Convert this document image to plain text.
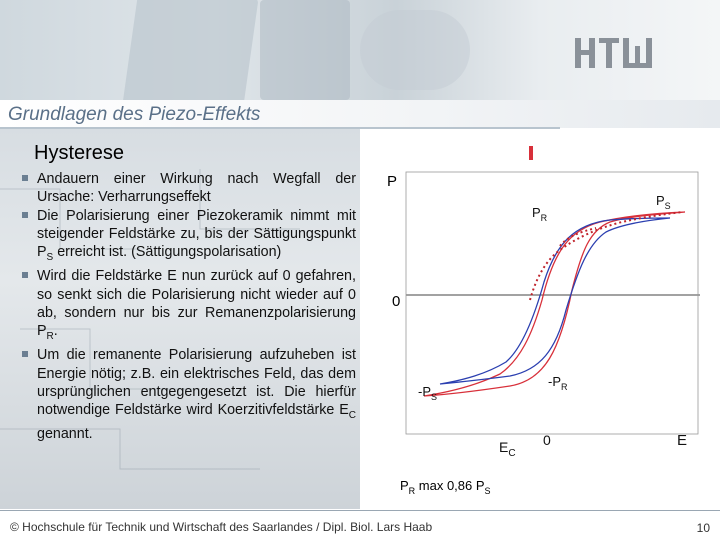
Grundlagen des Piezo-Effekts
Hysterese
Andauern einer Wirkung nach Wegfall der Ursache: Verharrungseffekt
Die Polarisierung einer Piezokeramik nimmt mit steigender Feldstärke zu, bis der Sättigungspunkt $P_S$ erreicht ist. (Sättigungspolarisation)
Wird die Feldstärke E nun zurück auf 0 gefahren, so senkt sich die Polarisierung nicht wieder auf 0 ab, sondern nur bis zur Remanenzpolarisierung $P_R$.
Um die remanente Polarisierung aufzuheben ist Energie nötig; z.B. ein elektrisches Feld, das dem ursprünglichen entgegengesetzt ist. Die hierfür notwendige Feldstärke wird Koerzitivfeldstärke $E_C$ genannt.
P
0
$P_S$
$P_R$
$-P_S$
$-P_R$
$E_C$
0	E
$P_R$ max 0,86 $P_S$
© Hochschule für Technik und Wirtschaft des Saarlandes / Dipl. Biol. Lars Haab	10
